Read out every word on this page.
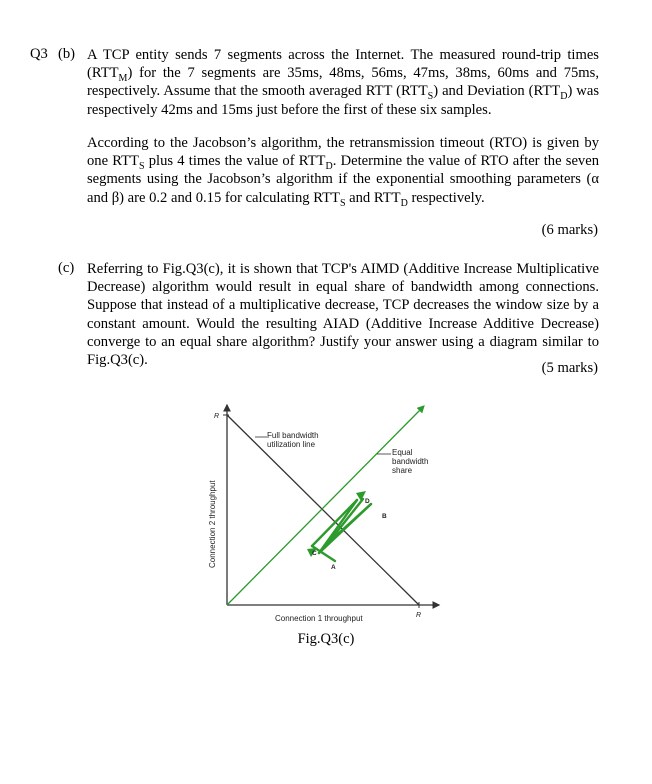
Q3 (b) A TCP entity sends 7 segments across the Internet. The measured round-trip times $(RTT_M)$ for the 7 segments are 35ms, 48ms, 56ms, 47ms, 38ms, 60ms and 75ms, respectively. Assume that the smooth averaged RTT $(RTT_S)$ and Deviation $(RTT_D)$ was respectively 42ms and 15ms just before the first of these six samples.

According to the Jacobson’s algorithm, the retransmission timeout (RTO) is given by one $RTT_S$ plus 4 times the value of $RTT_D$. Determine the value of RTO after the seven segments using the Jacobson’s algorithm if the exponential smoothing parameters (α and β) are 0.2 and 0.15 for calculating $RTT_S$ and $RTT_D$ respectively.

(6 marks)
(c) Referring to Fig.Q3(c), it is shown that TCP's AIMD (Additive Increase Multiplicative Decrease) algorithm would result in equal share of bandwidth among connections. Suppose that instead of a multiplicative decrease, TCP decreases the window size by a constant amount. Would the resulting AIAD (Additive Increase Additive Decrease) converge to an equal share algorithm? Justify your answer using a diagram similar to Fig.Q3(c).	(5 marks)
Connection 2 throughput
Connection 1 throughput
R
R
Full bandwidth
utilization line
Equal
bandwidth
share
A
B
C
D
Fig.Q3(c)
